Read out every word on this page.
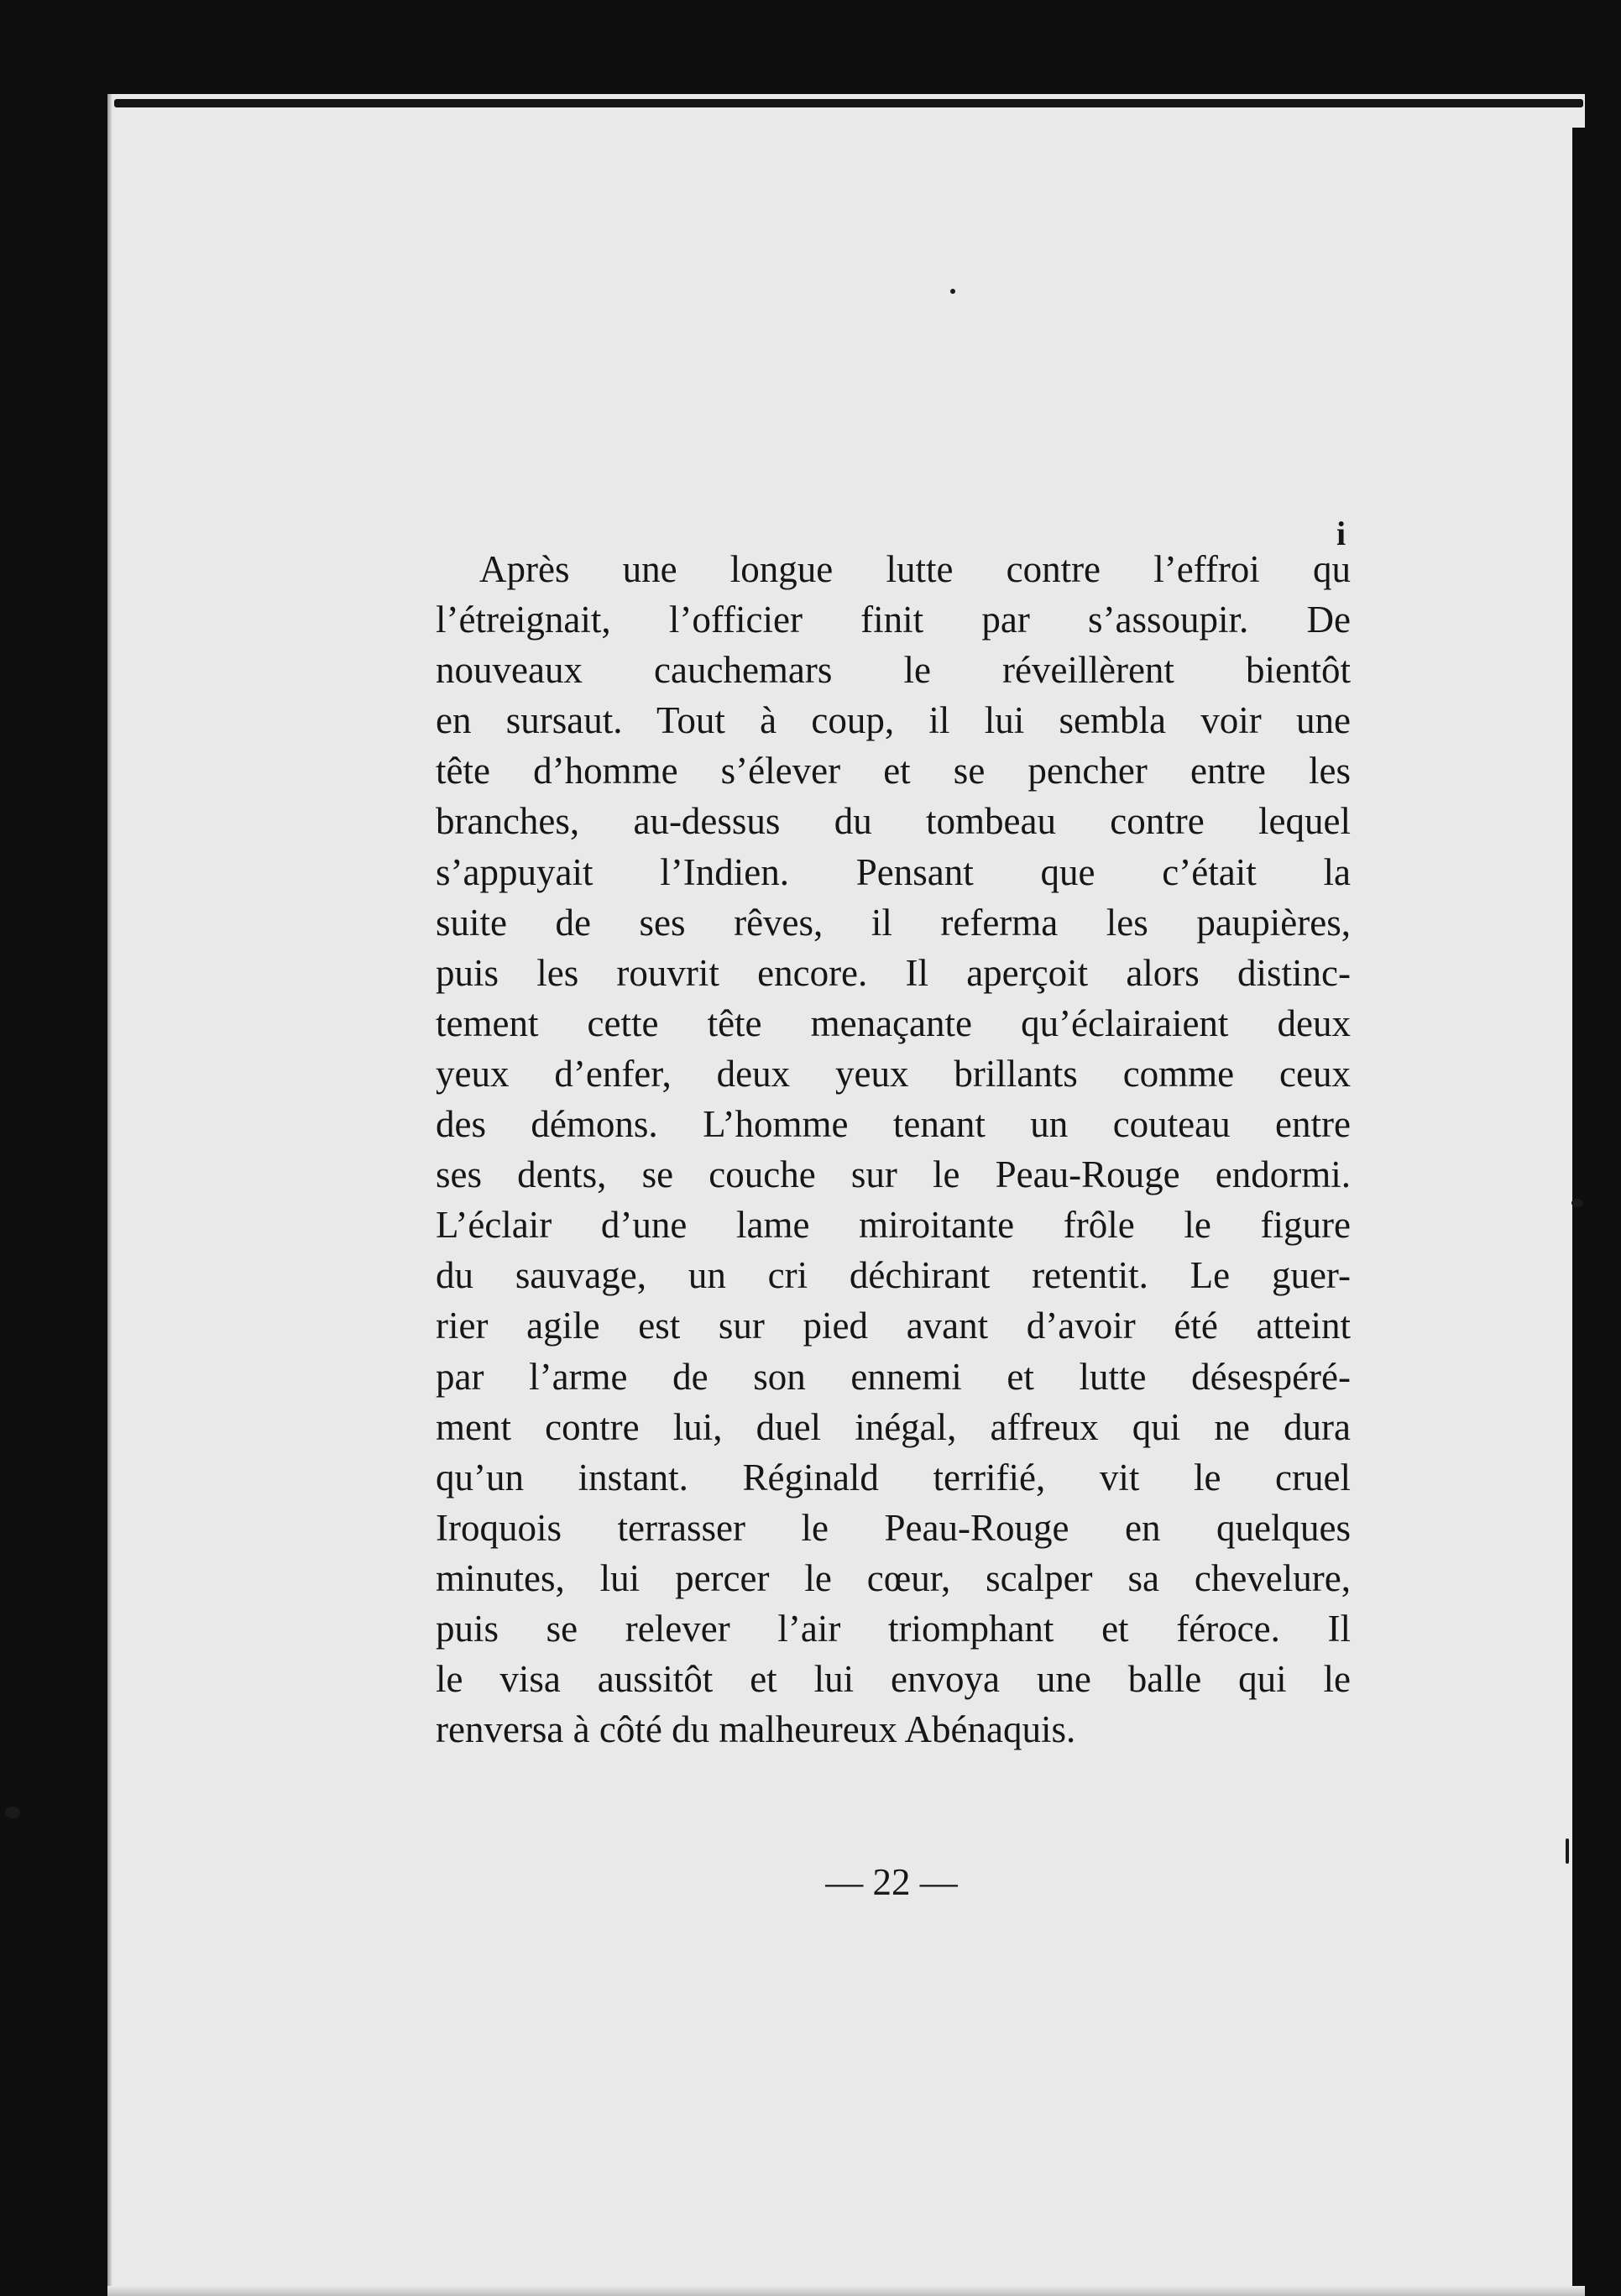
i
Après une longue lutte contre l’effroi qu
l’étreignait, l’officier finit par s’assoupir. De
nouveaux cauchemars le réveillèrent bientôt
en sursaut. Tout à coup, il lui sembla voir une
tête d’homme s’élever et se pencher entre les
branches, au-dessus du tombeau contre lequel
s’appuyait l’Indien. Pensant que c’était la
suite de ses rêves, il referma les paupières,
puis les rouvrit encore. Il aperçoit alors distinc-
tement cette tête menaçante qu’éclairaient deux
yeux d’enfer, deux yeux brillants comme ceux
des démons. L’homme tenant un couteau entre
ses dents, se couche sur le Peau-Rouge endormi.
L’éclair d’une lame miroitante frôle le figure
du sauvage, un cri déchirant retentit. Le guer-
rier agile est sur pied avant d’avoir été atteint
par l’arme de son ennemi et lutte désespéré-
ment contre lui, duel inégal, affreux qui ne dura
qu’un instant. Réginald terrifié, vit le cruel
Iroquois terrasser le Peau-Rouge en quelques
minutes, lui percer le cœur, scalper sa chevelure,
puis se relever l’air triomphant et féroce. Il
le visa aussitôt et lui envoya une balle qui le
renversa à côté du malheureux Abénaquis.
— 22 —
